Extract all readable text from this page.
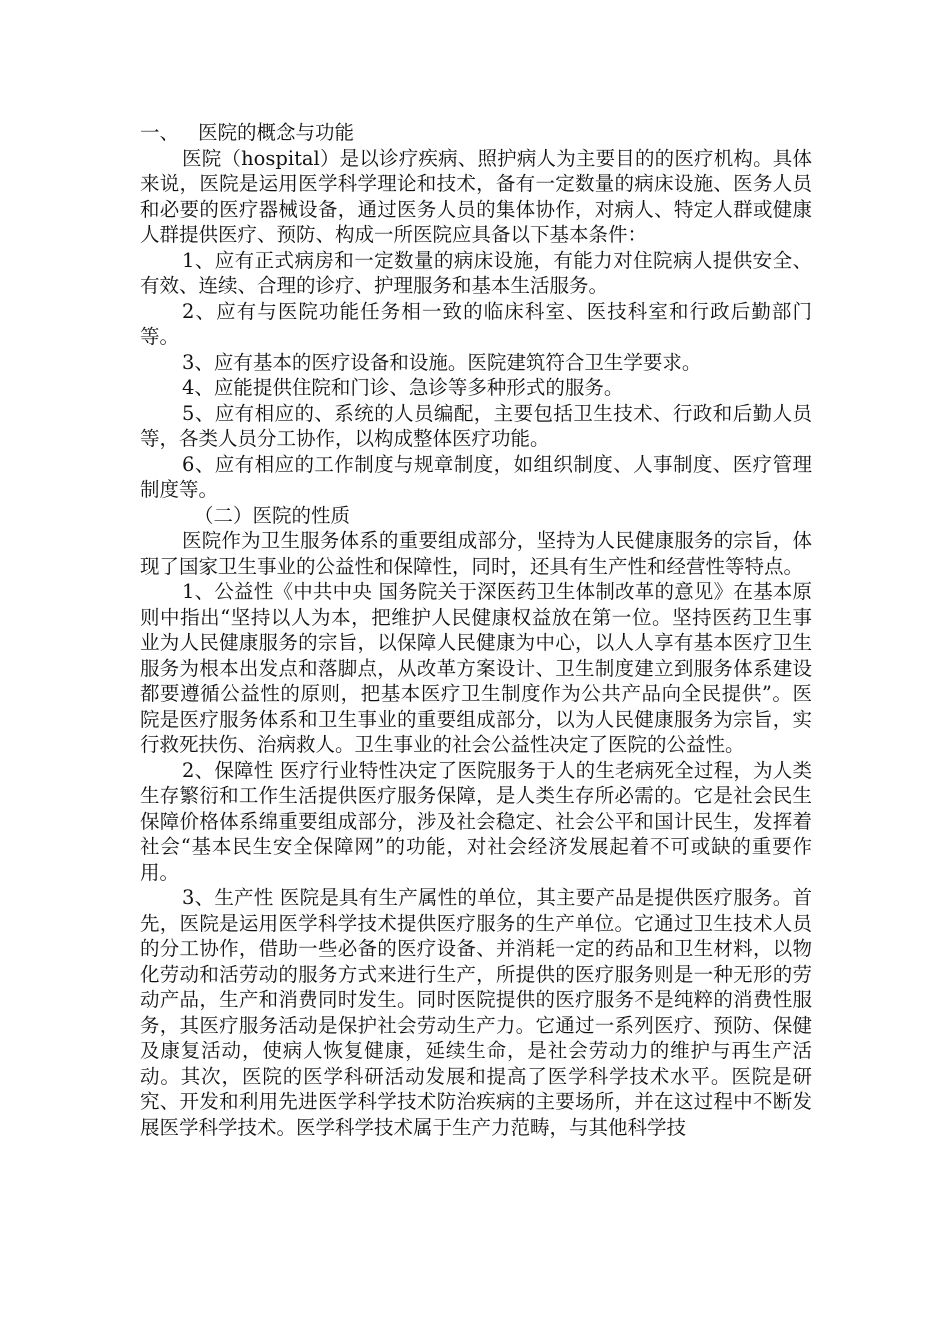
一、 医院的概念与功能

医院（hospital）是以诊疗疾病、照护病人为主要目的的医疗机构。具体来说，医院是运用医学科学理论和技术，备有一定数量的病床设施、医务人员和必要的医疗器械设备，通过医务人员的集体协作，对病人、特定人群或健康人群提供医疗、预防、构成一所医院应具备以下基本条件：

1、应有正式病房和一定数量的病床设施，有能力对住院病人提供安全、有效、连续、合理的诊疗、护理服务和基本生活服务。

2、应有与医院功能任务相一致的临床科室、医技科室和行政后勤部门等。

3、应有基本的医疗设备和设施。医院建筑符合卫生学要求。

4、应能提供住院和门诊、急诊等多种形式的服务。

5、应有相应的、系统的人员编配，主要包括卫生技术、行政和后勤人员等，各类人员分工协作，以构成整体医疗功能。

6、应有相应的工作制度与规章制度，如组织制度、人事制度、医疗管理制度等。

（二）医院的性质

医院作为卫生服务体系的重要组成部分，坚持为人民健康服务的宗旨，体现了国家卫生事业的公益性和保障性，同时，还具有生产性和经营性等特点。

1、公益性《中共中央 国务院关于深医药卫生体制改革的意见》在基本原则中指出“坚持以人为本，把维护人民健康权益放在第一位。坚持医药卫生事业为人民健康服务的宗旨，以保障人民健康为中心，以人人享有基本医疗卫生服务为根本出发点和落脚点，从改革方案设计、卫生制度建立到服务体系建设都要遵循公益性的原则，把基本医疗卫生制度作为公共产品向全民提供”。医院是医疗服务体系和卫生事业的重要组成部分，以为人民健康服务为宗旨，实行救死扶伤、治病救人。卫生事业的社会公益性决定了医院的公益性。

2、保障性 医疗行业特性决定了医院服务于人的生老病死全过程，为人类生存繁衍和工作生活提供医疗服务保障，是人类生存所必需的。它是社会民生保障价格体系绵重要组成部分，涉及社会稳定、社会公平和国计民生，发挥着社会“基本民生安全保障网”的功能，对社会经济发展起着不可或缺的重要作用。

3、生产性 医院是具有生产属性的单位，其主要产品是提供医疗服务。首先，医院是运用医学科学技术提供医疗服务的生产单位。它通过卫生技术人员的分工协作，借助一些必备的医疗设备、并消耗一定的药品和卫生材料，以物化劳动和活劳动的服务方式来进行生产，所提供的医疗服务则是一种无形的劳动产品，生产和消费同时发生。同时医院提供的医疗服务不是纯粹的消费性服务，其医疗服务活动是保护社会劳动生产力。它通过一系列医疗、预防、保健及康复活动，使病人恢复健康，延续生命，是社会劳动力的维护与再生产活动。其次，医院的医学科研活动发展和提高了医学科学技术水平。医院是研究、开发和利用先进医学科学技术防治疾病的主要场所，并在这过程中不断发展医学科学技术。医学科学技术属于生产力范畴，与其他科学技
